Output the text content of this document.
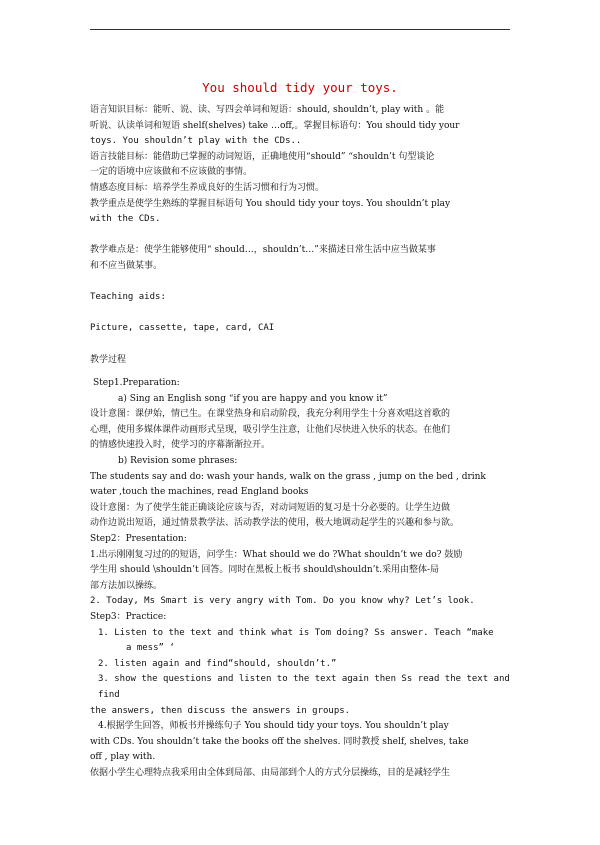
You should tidy your toys.

语言知识目标：能听、说、读、写四会单词和短语：should, shouldn’t, play with 。能

听说、认读单词和短语 shelf(shelves) take …off,。掌握目标语句：You should tidy your

toys. You shouldn’t play with the CDs..

语言技能目标：能借助已掌握的动词短语，正确地使用“should” “shouldn’t 句型谈论

一定的语境中应该做和不应该做的事情。

情感态度目标：培养学生养成良好的生活习惯和行为习惯。

教学重点是使学生熟练的掌握目标语句 You should tidy your toys. You shouldn’t play

with the CDs.

教学难点是：使学生能够使用“ should…，shouldn’t…”来描述日常生活中应当做某事

和不应当做某事。

Teaching aids:

Picture, cassette, tape, card, CAI

教学过程

Step1.Preparation:

a) Sing an English song “if you are happy and you know it”

设计意图：课伊始，情已生。在课堂热身和启动阶段，我充分利用学生十分喜欢唱这首歌的

心理，使用多媒体课件动画形式呈现，吸引学生注意，让他们尽快进入快乐的状态。在他们

的情感快速投入时，使学习的序幕渐渐拉开。

b) Revision some phrases:

The students say and do: wash your hands, walk on the grass , jump on the bed , drink

water ,touch the machines, read England books

设计意图：为了使学生能正确谈论应该与否，对动词短语的复习是十分必要的。让学生边做

动作边说出短语，通过情景教学法、活动教学法的使用，极大地调动起学生的兴趣和参与欲。

Step2：Presentation:

1.出示刚刚复习过的的短语，问学生：What should we do ?What shouldn’t we do? 鼓励

学生用 should \shouldn’t 回答。同时在黑板上板书 should\shouldn’t.采用由整体-局

部方法加以操练。

2. Today, Ms Smart is very angry with Tom. Do you know why? Let’s look.

Step3：Practice:

1. Listen to the text and think what is Tom doing? Ss answer. Teach “make

a mess” ‘

2. listen again and find“should, shouldn’t.”

3. show the questions and listen to the text again then Ss read the text and find

the answers, then discuss the answers in groups.

4.根据学生回答，师板书并操练句子 You should tidy your toys. You shouldn’t play

with CDs. You shouldn’t take the books off the shelves. 同时教授 shelf, shelves, take

off , play with.

依据小学生心理特点我采用由全体到局部、由局部到个人的方式分层操练，目的是减轻学生
